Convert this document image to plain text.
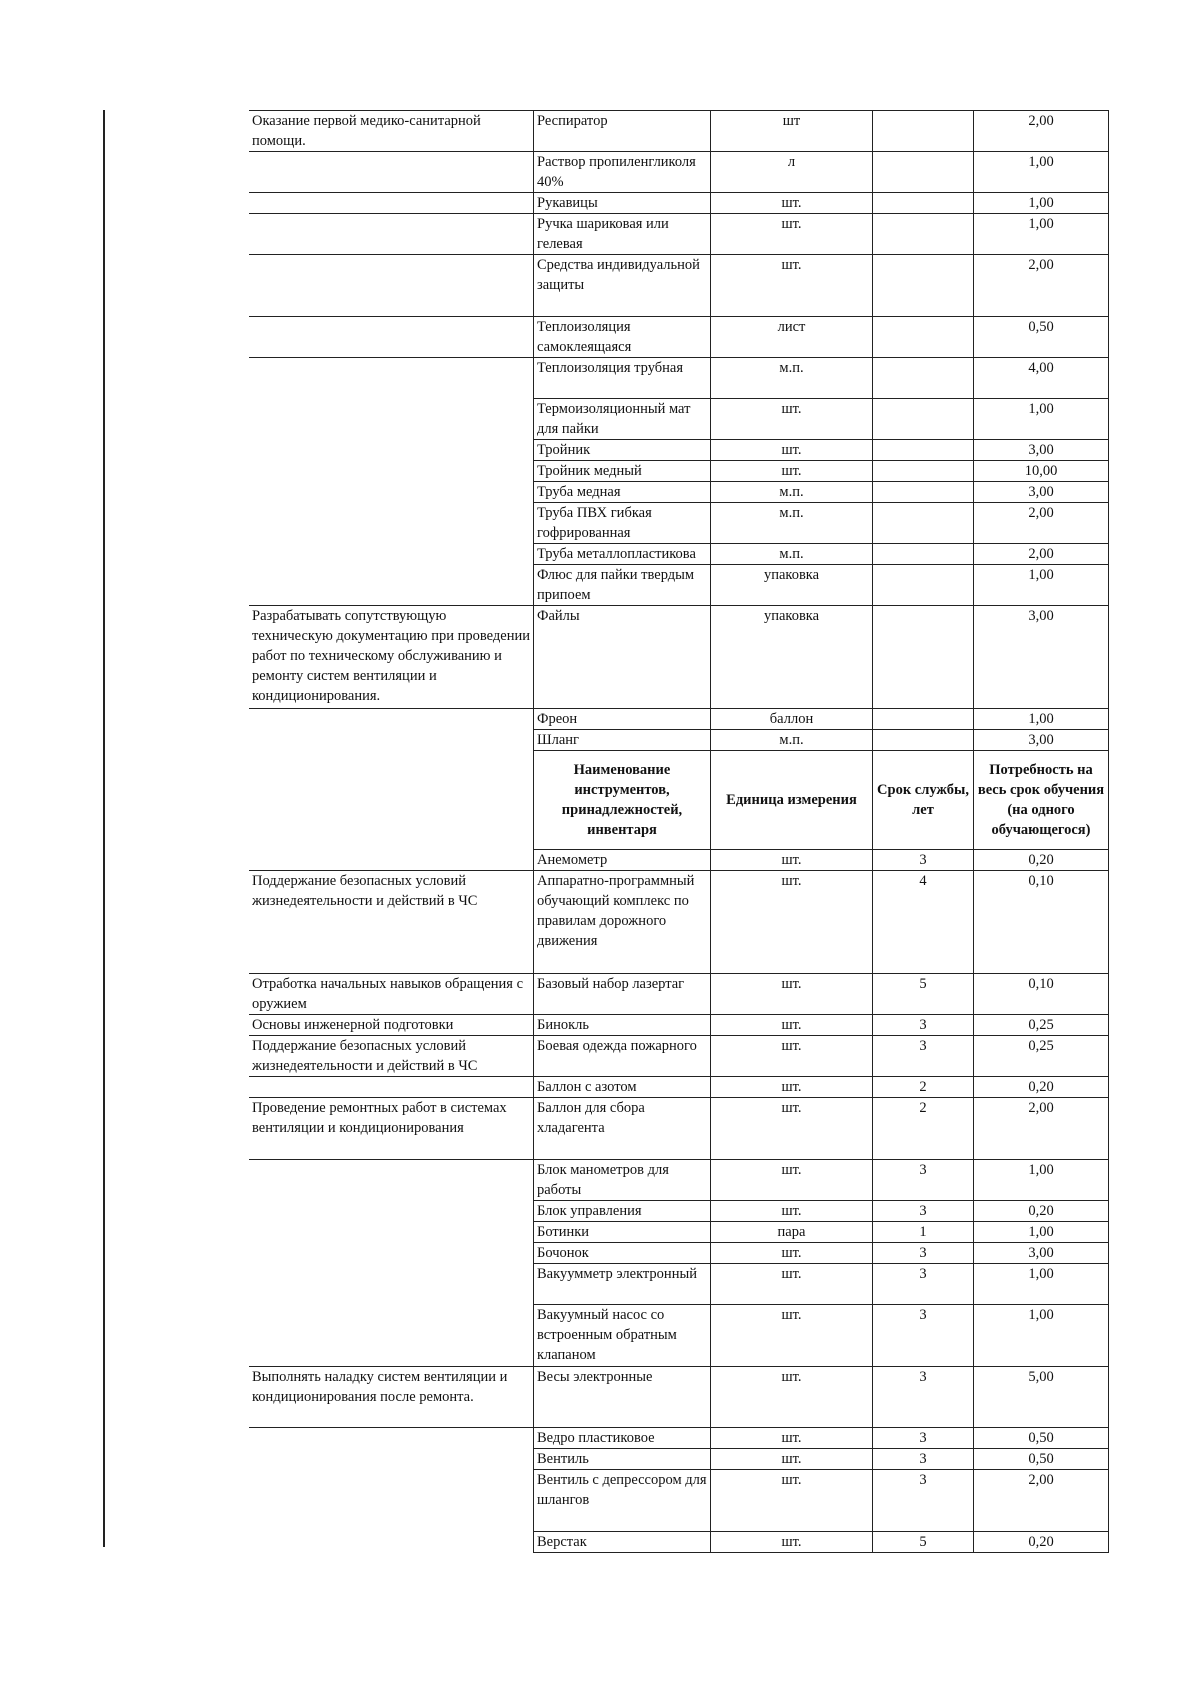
Оказание первой медико-санитарной помощи.	Респиратор	шт		2,00
	Раствор пропиленгликоля 40%	л		1,00
	Рукавицы	шт.		1,00
	Ручка шариковая или гелевая	шт.		1,00
	Средства индивидуальной защиты	шт.		2,00
	Теплоизоляция самоклеящаяся	лист		0,50
	Теплоизоляция трубная	м.п.		4,00
	Термоизоляционный мат для пайки	шт.		1,00
	Тройник	шт.		3,00
	Тройник медный	шт.		10,00
	Труба медная	м.п.		3,00
	Труба ПВХ гибкая гофрированная	м.п.		2,00
	Труба металлопластикова	м.п.		2,00
	Флюс для пайки твердым припоем	упаковка		1,00
Разрабатывать сопутствующую техническую документацию при проведении работ по техническому обслуживанию и ремонту систем вентиляции и кондиционирования.	Файлы	упаковка		3,00
	Фреон	баллон		1,00
	Шланг	м.п.		3,00
	Наименование инструментов, принадлежностей, инвентаря	Единица измерения	Срок службы, лет	Потребность на весь срок обучения (на одного обучающегося)
	Анемометр	шт.	3	0,20
Поддержание безопасных условий жизнедеятельности и действий в ЧС	Аппаратно-программный обучающий комплекс по правилам дорожного движения	шт.	4	0,10
Отработка начальных навыков обращения с оружием	Базовый набор лазертаг	шт.	5	0,10
Основы инженерной подготовки	Бинокль	шт.	3	0,25
Поддержание безопасных условий жизнедеятельности и действий в ЧС	Боевая одежда пожарного	шт.	3	0,25
	Баллон с азотом	шт.	2	0,20
Проведение ремонтных работ в системах вентиляции и кондиционирования	Баллон для сбора хладагента	шт.	2	2,00
	Блок манометров для работы	шт.	3	1,00
	Блок управления	шт.	3	0,20
	Ботинки	пара	1	1,00
	Бочонок	шт.	3	3,00
	Вакуумметр электронный	шт.	3	1,00
	Вакуумный насос со встроенным обратным клапаном	шт.	3	1,00
Выполнять наладку систем вентиляции и кондиционирования после ремонта.	Весы электронные	шт.	3	5,00
	Ведро пластиковое	шт.	3	0,50
	Вентиль	шт.	3	0,50
	Вентиль с депрессором для шлангов	шт.	3	2,00
	Верстак	шт.	5	0,20
